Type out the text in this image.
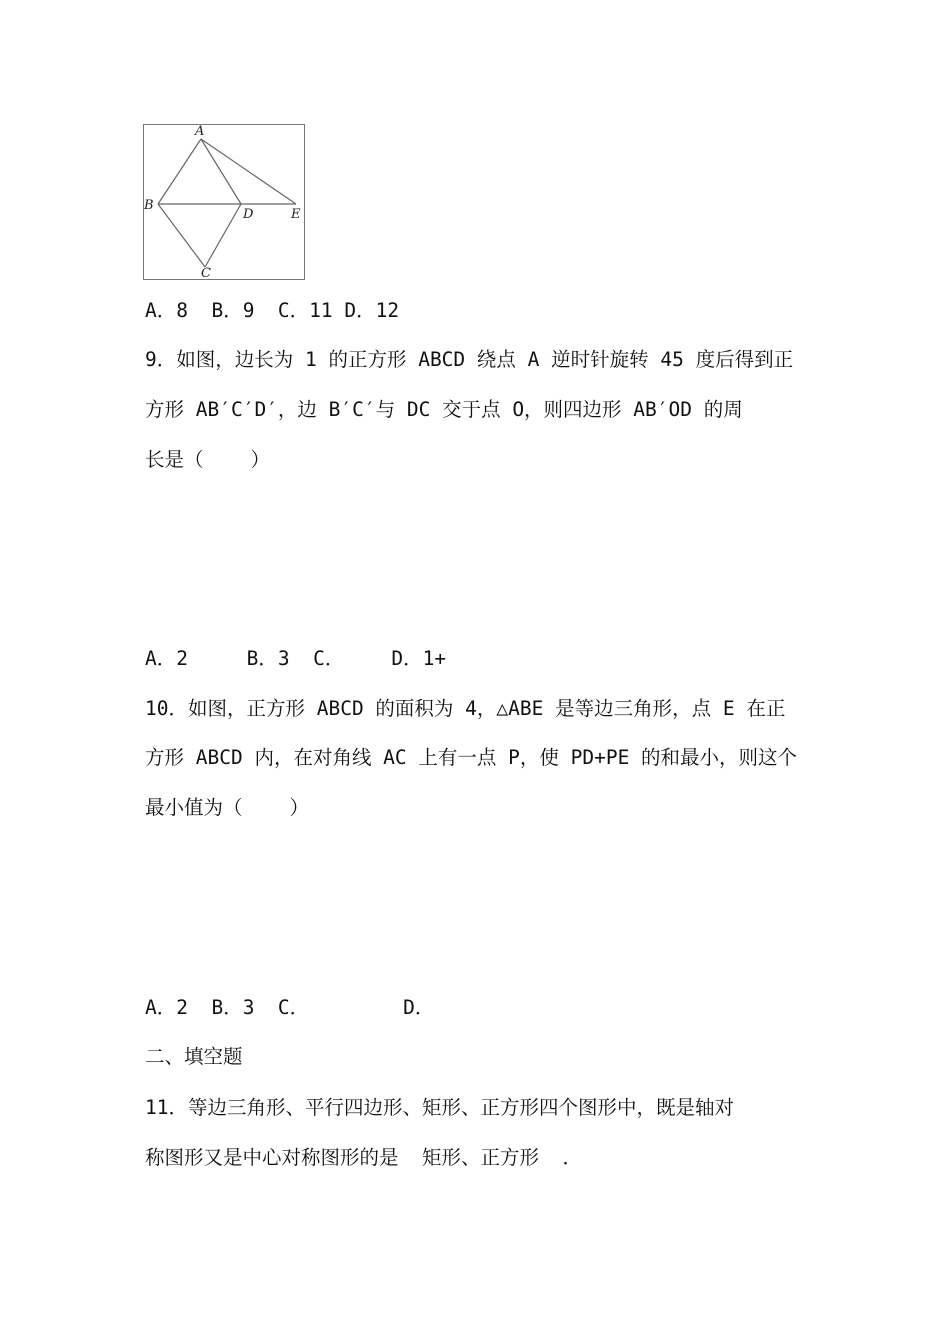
A
B
C
D	E
A．8  B．9  C．11 D．12
9．如图，边长为 1 的正方形 ABCD 绕点 A 逆时针旋转 45 度后得到正
方形 AB′C′D′，边 B′C′与 DC 交于点 O，则四边形 AB′OD 的周
长是（    ）
A．2     B．3  C．    D．1+
10．如图，正方形 ABCD 的面积为 4，△ABE 是等边三角形，点 E 在正
方形 ABCD 内，在对角线 AC 上有一点 P，使 PD+PE 的和最小，则这个
最小值为（    ）
A．2  B．3  C．        D．
二、填空题
11．等边三角形、平行四边形、矩形、正方形四个图形中，既是轴对
称图形又是中心对称图形的是  矩形、正方形  ．
